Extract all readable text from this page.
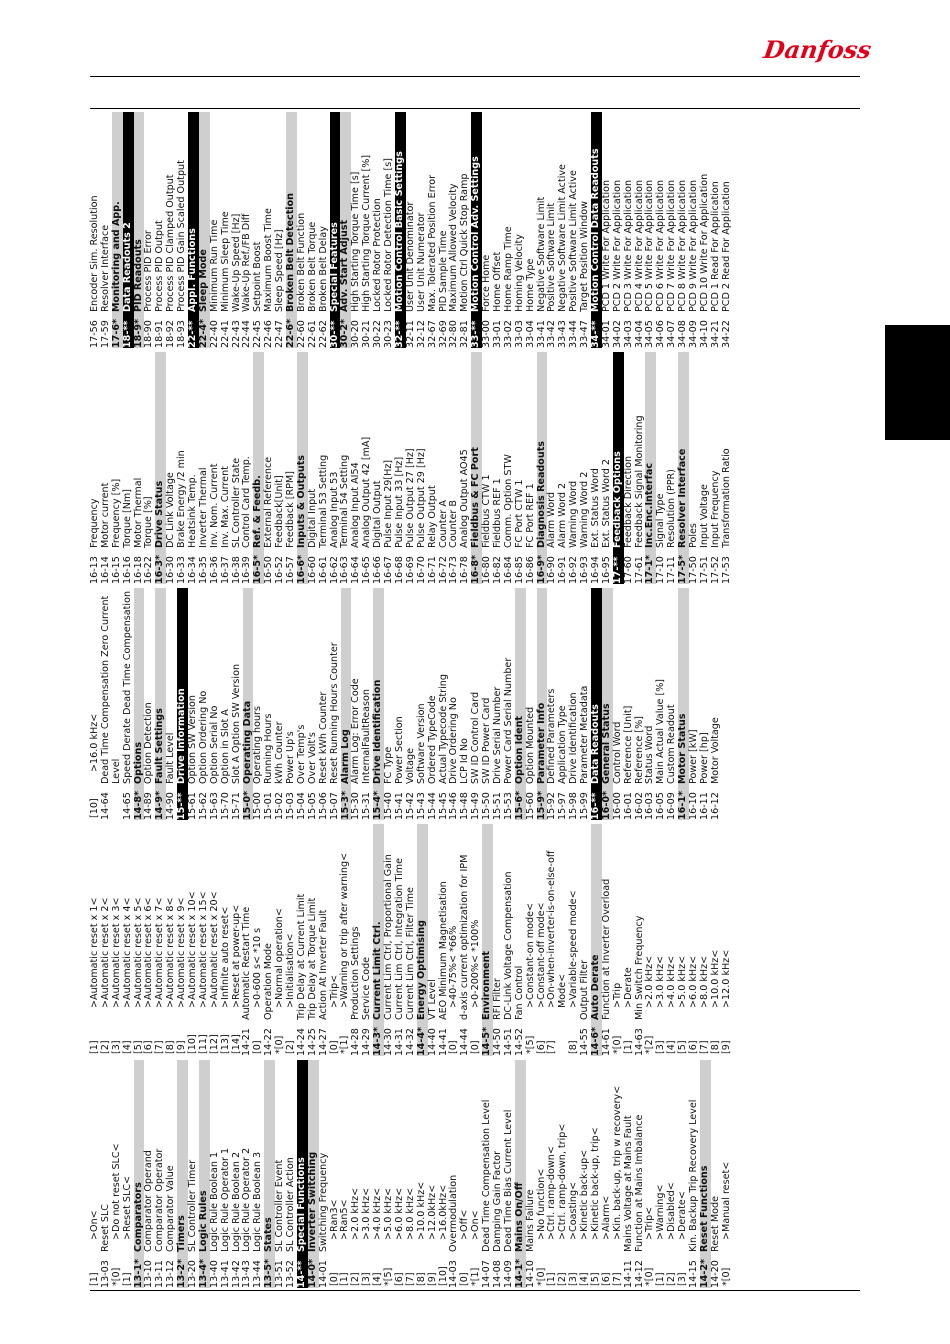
Danfoss
[1]
>On<
13-03
Reset SLC
*[0]
>Do not reset SLC<
[1]
>Reset SLC<
13-1*
Comparators
13-10
Comparator Operand
13-11
Comparator Operator
13-12
Comparator Value
13-2*
Timers
13-20
SL Controller Timer
13-4*
Logic Rules
13-40
Logic Rule Boolean 1
13-41
Logic Rule Operator 1
13-42
Logic Rule Boolean 2
13-43
Logic Rule Operator 2
13-44
Logic Rule Boolean 3
13-5*
States
13-51
SL Controller Event
13-52
SL Controller Action
14-**
Special Functions
14-0*
Inverter Switching
14-01
Switching Frequency
[0]
>Ran3<
[1]
>Ran5<
[2]
>2.0 kHz<
[3]
>3.0 kHz<
[4]
>4.0 kHz<
*[5]
>5.0 kHz<
[6]
>6.0 kHz<
[7]
>8.0 kHz<
[8]
>10.0 kHz<
[9]
>12.0kHz<
[10]
>16.0kHz<
14-03
Overmodulation
[0]
>Off<
*[1]
>On<
14-07
Dead Time Compensation Level
14-08
Damping Gain Factor
14-09
Dead Time Bias Current Level
14-1*
Mains On/Off
14-10
Mains Failure
*[0]
>No function<
[1]
>Ctrl. ramp-down<
[2]
>Ctrl. ramp-down, trip<
[3]
>Coasting<
[4]
>Kinetic back-up<
[5]
>Kinetic back-up, trip<
[6]
>Alarm<
[7]
>Kin. back-up, trip w recovery<
14-11
Mains Voltage at Mains Fault
14-12
Function at Mains Imbalance
*[0]
>Trip<
[1]
>Warning<
[2]
>Disabled<
[3]
>Derate<
14-15
Kin. Backup Trip Recovery Level
14-2*
Reset Functions
14-20
Reset Mode
*[0]
>Manual reset<
[1]
>Automatic reset x 1<
[2]
>Automatic reset x 2<
[3]
>Automatic reset x 3<
[4]
>Automatic reset x 4<
[5]
>Automatic reset x 5<
[6]
>Automatic reset x 6<
[7]
>Automatic reset x 7<
[8]
>Automatic reset x 8<
[9]
>Automatic reset x 9<
[10]
>Automatic reset x 10<
[11]
>Automatic reset x 15<
[12]
>Automatic reset x 20<
[13]
>Infinite auto reset<
[14]
>Reset at power-up<
14-21
Automatic Restart Time
[0]
>0-600 s< *10 s
14-22
Operation Mode
*[0]
>Normal operation<
[2]
>Initialisation<
14-24
Trip Delay at Current Limit
14-25
Trip Delay at Torque Limit
14-27
Action At Inverter Fault
[0]
>Trip<
*[1]
>Warning or trip after warning<
14-28
Production Settings
14-29
Service Code
14-3*
Current Limit Ctrl.
14-30
Current Lim Ctrl, Proportional Gain
14-31
Current Lim Ctrl, Integration Time
14-32
Current Lim Ctrl, Filter Time
14-4*
Energy Optimising
14-40
VT Level
14-41
AEO Minimum Magnetisation
[0]
>40-75%< *66%
14-44
d-axis current optimization for IPM
[0]
>0-200%< *100%
14-5*
Environment
14-50
RFI Filter
14-51
DC-Link Voltage Compensation
14-52
Fan Control
*[5]
>Constant-on mode<
[6]
>Constant-off mode<
[7]
>On-when-inverter-is-on-else-off Mode<
[8]
>Variable-speed mode<
14-55
Output Filter
14-6*
Auto Derate
14-61
Function at Inverter Overload
*[0]
>Trip
[1]
>Derate
14-63
Min Switch Frequency
*[2]
>2.0 kHz<
[3]
>3.0 kHz<
[4]
>4.0 kHz<
[5]
>5.0 kHz<
[6]
>6.0 kHz<
[7]
>8.0 kHz<
[8]
>10.0 kHz<
[9]
>12.0 kHz<
[10]
>16.0 kHz<
14-64
Dead Time Compensation Zero Current Level
14-65
Speed Derate Dead Time Compensation
14-8*
Options
14-89
Option Detection
14-9*
Fault Settings
14-90
Fault Level
15-**
Drive Information
15-61
Option SW Version
15-62
Option Ordering No
15-63
Option Serial No
15-70
Option in Slot A
15-71
Slot A Option SW Version
15-0*
Operating Data
15-00
Operating hours
15-01
Running Hours
15-02
kWh Counter
15-03
Power Up's
15-04
Over Temp's
15-05
Over Volt's
15-06
Reset kWh Counter
15-07
Reset Running Hours Counter
15-3*
Alarm Log
15-30
Alarm Log: Error Code
15-31
InternalFaultReason
15-4*
Drive Identification
15-40
FC Type
15-41
Power Section
15-42
Voltage
15-43
Software Version
15-44
Ordered TypeCode
15-45
Actual Typecode String
15-46
Drive Ordering No
15-48
LCP Id No
15-49
SW ID Control Card
15-50
SW ID Power Card
15-51
Drive Serial Number
15-53
Power Card Serial Number
15-6*
Option Ident
15-60
Option Mounted
15-9*
Parameter Info
15-92
Defined Parameters
15-97
Application Type
15-98
Drive Identification
15-99
Parameter Metadata
16-**
Data Readouts
16-0*
General Status
16-00
Control Word
16-01
Reference [Unit]
16-02
Reference [%]
16-03
Status Word
16-05
Main Actual Value [%]
16-09
Custom Readout
16-1*
Motor Status
16-10
Power [kW]
16-11
Power [hp]
16-12
Motor Voltage
16-13
Frequency
16-14
Motor current
16-15
Frequency [%]
16-16
Torque [Nm]
16-18
Motor Thermal
16-22
Torque [%]
16-3*
Drive Status
16-30
DC Link Voltage
16-33
Brake Energy /2 min
16-34
Heatsink Temp.
16-35
Inverter Thermal
16-36
Inv. Nom. Current
16-37
Inv. Max. Current
16-38
SL Controller State
16-39
Control Card Temp.
16-5*
Ref. & Feedb.
16-50
External Reference
16-52
Feedback[Unit]
16-57
Feedback [RPM]
16-6*
Inputs & Outputs
16-60
Digital Input
16-61
Terminal 53 Setting
16-62
Analog Input 53
16-63
Terminal 54 Setting
16-64
Analog Input AI54
16-65
Analog Output 42 [mA]
16-66
Digital Output
16-67
Pulse Input 29[Hz]
16-68
Pulse Input 33 [Hz]
16-69
Pulse Output 27 [Hz]
16-70
Pulse Output 29 [Hz]
16-71
Relay Output
16-72
Counter A
16-73
Counter B
16-78
Analog Output AO45
16-8*
Fieldbus & FC Port
16-80
Fieldbus CTW 1
16-82
Fieldbus REF 1
16-84
Comm. Option STW
16-85
FC Port CTW 1
16-86
FC Port REF 1
16-9*
Diagnosis Readouts
16-90
Alarm Word
16-91
Alarm Word 2
16-92
Warning Word
16-93
Warning Word 2
16-94
Ext. Status Word
16-95
Ext. Status Word 2
17-**
Feedback Options
17-60
Feedback Direction
17-61
Feedback Signal Monitoring
17-1*
Inc.Enc.Interfac
17-10
Signal Type
17-11
Resolution (PPR)
17-5*
Resolver Interface
17-50
Poles
17-51
Input Voltage
17-52
Input Frequency
17-53
Transformation Ratio
17-56
Encoder Sim. Resolution
17-59
Resolver Interface
17-6*
Monitoring and App.
18-**
Data Readouts 2
18-9*
PID Readouts
18-90
Process PID Error
18-91
Process PID Output
18-92
Process PID Clamped Output
18-93
Process PID Gain Scaled Output
22-**
Appl. Functions
22-4*
Sleep Mode
22-40
Minimum Run Time
22-41
Minimum Sleep Time
22-43
Wake-Up Speed [Hz]
22-44
Wake-Up Ref./FB Diff
22-45
Setpoint Boost
22-46
Maximum Boost Time
22-47
Sleep Speed [Hz]
22-6*
Broken Belt Detection
22-60
Broken Belt Function
22-61
Broken Belt Torque
22-62
Broken Belt Delay
30-**
Special Features
30-2*
Adv. Start Adjust
30-20
High Starting Torque Time [s]
30-21
High Starting Torque Current [%]
30-22
Locked Rotor Protection
30-23
Locked Rotor Detection Time [s]
32-**
Motion Control Basic Settings
32-11
User Unit Denominator
32-12
User Unit Numerator
32-67
Max. Tolerated Position Error
32-69
PID Sample Time
32-80
Maximum Allowed Velocity
32-81
Motion Ctrl Quick Stop Ramp
33-**
Motion Control Adv. Settings
33-00
Force Home
33-01
Home Offset
33-02
Home Ramp Time
33-03
Homing Velocity
33-04
Home Type
33-41
Negative Software Limit
33-42
Positive Software Limit
33-43
Negative Software Limit Active
33-44
Positive Software Limit Active
33-47
Target Position Window
34-**
Motion Control Data Readouts
34-01
PCD 1 Write For Application
34-02
PCD 2 Write For Application
34-03
PCD 3 Write For Application
34-04
PCD 4 Write For Application
34-05
PCD 5 Write For Application
34-06
PCD 6 Write For Application
34-07
PCD 7 Write For Application
34-08
PCD 8 Write For Application
34-09
PCD 9 Write For Application
34-10
PCD 10 Write For Application
34-21
PCD 1 Read For Application
34-22
PCD 2 Read For Application
